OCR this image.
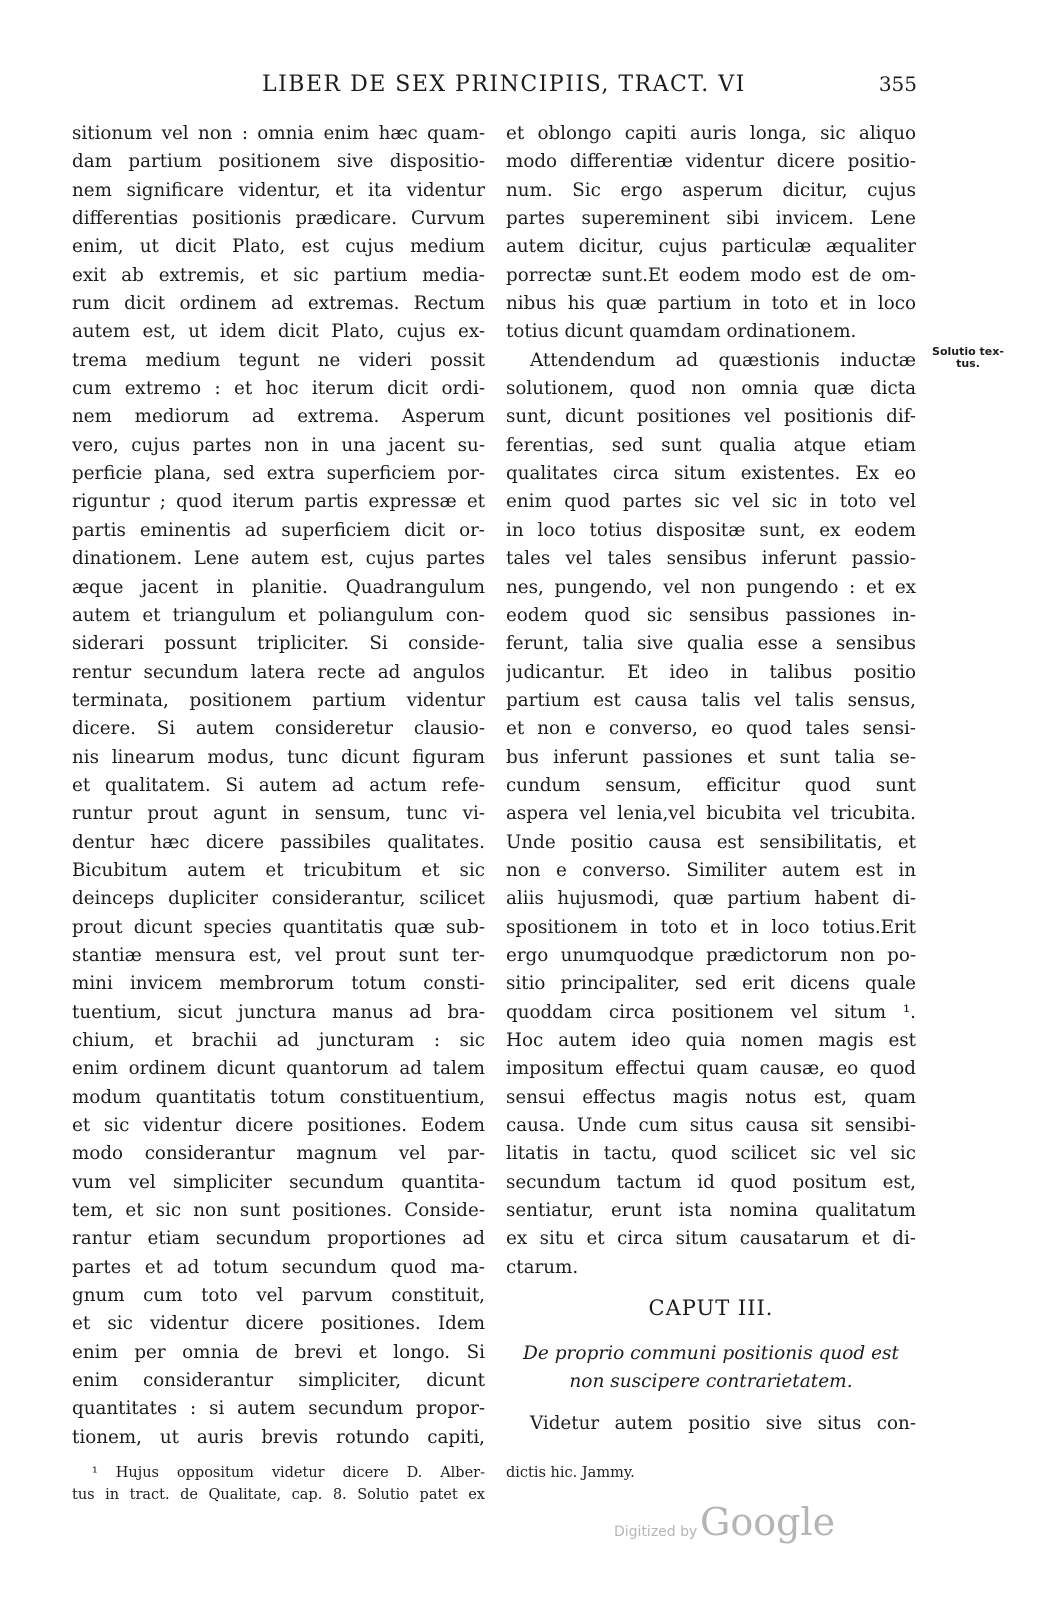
LIBER DE SEX PRINCIPIIS, TRACT. VI	355
sitionum vel non : omnia enim hæc quam-
dam partium positionem sive dispositio-
nem significare videntur, et ita videntur
differentias positionis prædicare. Curvum
enim, ut dicit Plato, est cujus medium
exit ab extremis, et sic partium media-
rum dicit ordinem ad extremas. Rectum
autem est, ut idem dicit Plato, cujus ex-
trema medium tegunt ne videri possit
cum extremo : et hoc iterum dicit ordi-
nem mediorum ad extrema. Asperum
vero, cujus partes non in una jacent su-
perficie plana, sed extra superficiem por-
riguntur ; quod iterum partis expressæ et
partis eminentis ad superficiem dicit or-
dinationem. Lene autem est, cujus partes
æque jacent in planitie. Quadrangulum
autem et triangulum et poliangulum con-
siderari possunt tripliciter. Si conside-
rentur secundum latera recte ad angulos
terminata, positionem partium videntur
dicere. Si autem consideretur clausio-
nis linearum modus, tunc dicunt figuram
et qualitatem. Si autem ad actum refe-
runtur prout agunt in sensum, tunc vi-
dentur hæc dicere passibiles qualitates.
Bicubitum autem et tricubitum et sic
deinceps dupliciter considerantur, scilicet
prout dicunt species quantitatis quæ sub-
stantiæ mensura est, vel prout sunt ter-
mini invicem membrorum totum consti-
tuentium, sicut junctura manus ad bra-
chium, et brachii ad juncturam : sic
enim ordinem dicunt quantorum ad talem
modum quantitatis totum constituentium,
et sic videntur dicere positiones. Eodem
modo considerantur magnum vel par-
vum vel simpliciter secundum quantita-
tem, et sic non sunt positiones. Conside-
rantur etiam secundum proportiones ad
partes et ad totum secundum quod ma-
gnum cum toto vel parvum constituit,
et sic videntur dicere positiones. Idem
enim per omnia de brevi et longo. Si
enim considerantur simpliciter, dicunt
quantitates : si autem secundum propor-
tionem, ut auris brevis rotundo capiti,
et oblongo capiti auris longa, sic aliquo
modo differentiæ videntur dicere positio-
num. Sic ergo asperum dicitur, cujus
partes supereminent sibi invicem. Lene
autem dicitur, cujus particulæ æqualiter
porrectæ sunt.Et eodem modo est de om-
nibus his quæ partium in toto et in loco
totius dicunt quamdam ordinationem.
Attendendum ad quæstionis inductæ
solutionem, quod non omnia quæ dicta
sunt, dicunt positiones vel positionis dif-
ferentias, sed sunt qualia atque etiam
qualitates circa situm existentes. Ex eo
enim quod partes sic vel sic in toto vel
in loco totius dispositæ sunt, ex eodem
tales vel tales sensibus inferunt passio-
nes, pungendo, vel non pungendo : et ex
eodem quod sic sensibus passiones in-
ferunt, talia sive qualia esse a sensibus
judicantur. Et ideo in talibus positio
partium est causa talis vel talis sensus,
et non e converso, eo quod tales sensi-
bus inferunt passiones et sunt talia se-
cundum sensum, efficitur quod sunt
aspera vel lenia,vel bicubita vel tricubita.
Unde positio causa est sensibilitatis, et
non e converso. Similiter autem est in
aliis hujusmodi, quæ partium habent di-
spositionem in toto et in loco totius.Erit
ergo unumquodque prædictorum non po-
sitio principaliter, sed erit dicens quale
quoddam circa positionem vel situm ¹.
Hoc autem ideo quia nomen magis est
impositum effectui quam causæ, eo quod
sensui effectus magis notus est, quam
causa. Unde cum situs causa sit sensibi-
litatis in tactu, quod scilicet sic vel sic
secundum tactum id quod positum est,
sentiatur, erunt ista nomina qualitatum
ex situ et circa situm causatarum et di-
ctarum.
Solutio tex-
tus.
CAPUT III.
De proprio communi positionis quod est
non suscipere contrarietatem.
Videtur autem positio sive situs con-
¹ Hujus oppositum videtur dicere D. Alber-
tus in tract. de Qualitate, cap. 8. Solutio patet ex
dictis hic. Jammy.
Digitized by Google
